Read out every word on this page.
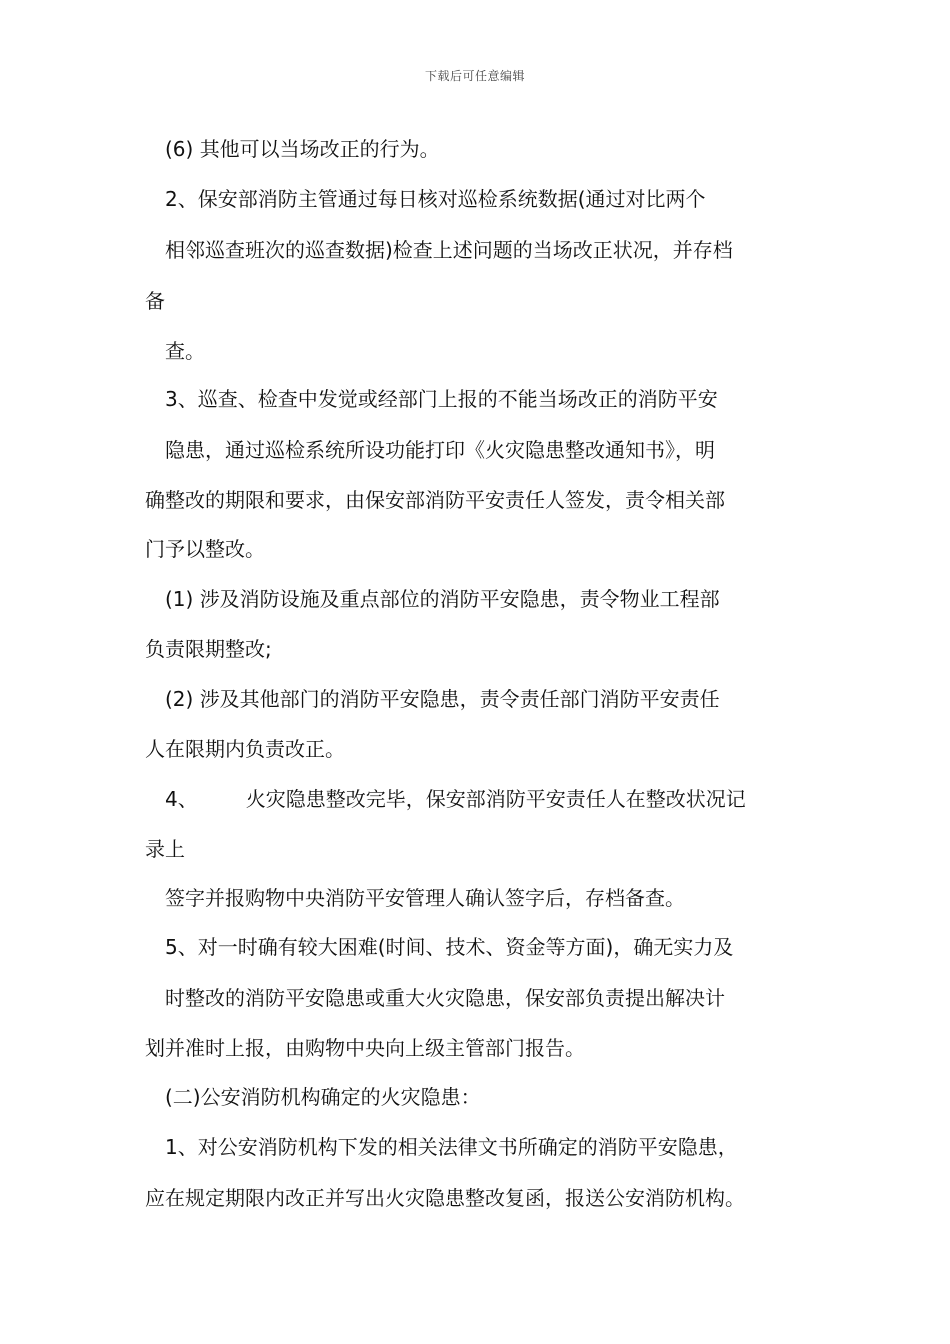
下载后可任意编辑
(6) 其他可以当场改正的行为。
2、保安部消防主管通过每日核对巡检系统数据(通过对比两个
相邻巡查班次的巡查数据)检查上述问题的当场改正状况，并存档
备
查。
3、巡查、检查中发觉或经部门上报的不能当场改正的消防平安
隐患，通过巡检系统所设功能打印《火灾隐患整改通知书》，明
确整改的期限和要求，由保安部消防平安责任人签发，责令相关部
门予以整改。
(1) 涉及消防设施及重点部位的消防平安隐患，责令物业工程部
负责限期整改;
(2) 涉及其他部门的消防平安隐患，责令责任部门消防平安责任
人在限期内负责改正。
4、 火灾隐患整改完毕，保安部消防平安责任人在整改状况记
录上
签字并报购物中央消防平安管理人确认签字后，存档备查。
5、对一时确有较大困难(时间、技术、资金等方面)，确无实力及
时整改的消防平安隐患或重大火灾隐患，保安部负责提出解决计
划并准时上报，由购物中央向上级主管部门报告。
(二)公安消防机构确定的火灾隐患：
1、对公安消防机构下发的相关法律文书所确定的消防平安隐患，
应在规定期限内改正并写出火灾隐患整改复函，报送公安消防机构。
